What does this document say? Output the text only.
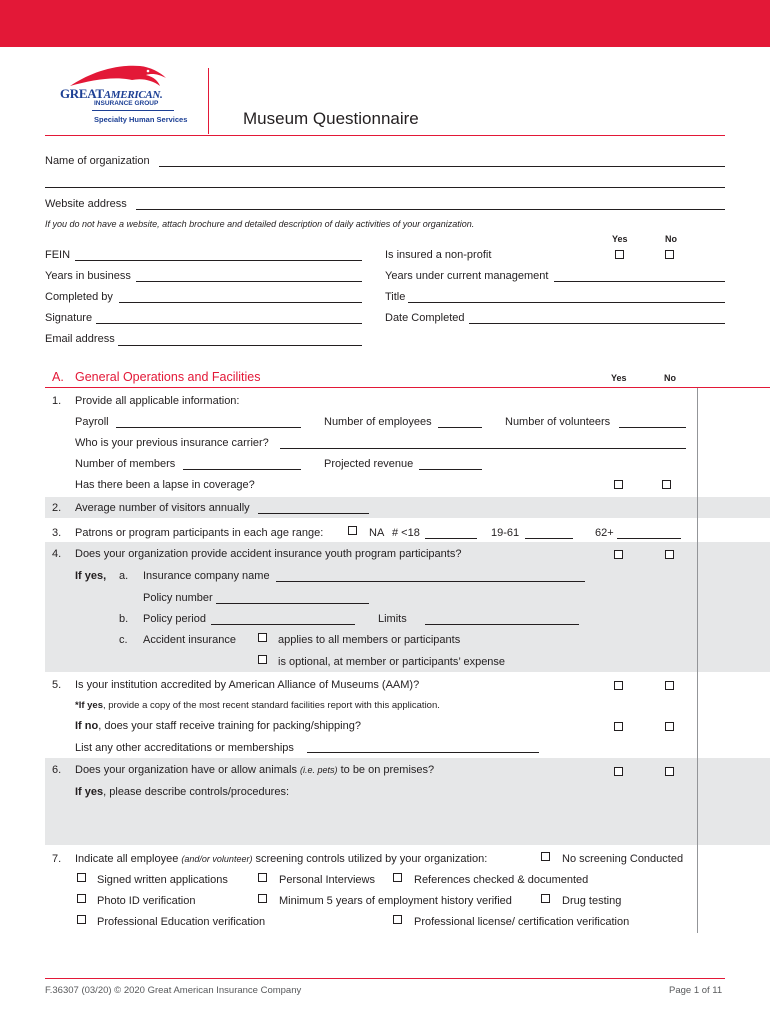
GREATAMERICAN.
INSURANCE GROUP
Specialty Human Services	Museum Questionnaire
Name of organization
Website address
If you do not have a website, attach brochure and detailed description of daily activities of your organization.
Yes	No
FEIN	Is insured a non-profit
Years in business	Years under current management
Completed by	Title
Signature	Date Completed
Email address
A. General Operations and Facilities	Yes	No
1. Provide all applicable information:
Payroll	Number of employees	Number of volunteers
Who is your previous insurance carrier?
Number of members	Projected revenue
Has there been a lapse in coverage?
2. Average number of visitors annually
3. Patrons or program participants in each age range:	NA # <18	19-61	62+
4. Does your organization provide accident insurance youth program participants?
If yes, a. Insurance company name
Policy number
b. Policy period	Limits
c. Accident insurance	applies to all members or participants
is optional, at member or participants’ expense
5. Is your institution accredited by American Alliance of Museums (AAM)?
*If yes, provide a copy of the most recent standard facilities report with this application.
If no, does your staff receive training for packing/shipping?
List any other accreditations or memberships
6. Does your organization have or allow animals (i.e. pets) to be on premises?
If yes, please describe controls/procedures:
7. Indicate all employee (and/or volunteer) screening controls utilized by your organization:	No screening Conducted
Signed written applications	Personal Interviews	References checked & documented
Photo ID verification	Minimum 5 years of employment history verified	Drug testing
Professional Education verification	Professional license/ certification verification
F.36307 (03/20) © 2020 Great American Insurance Company	Page 1 of 11
